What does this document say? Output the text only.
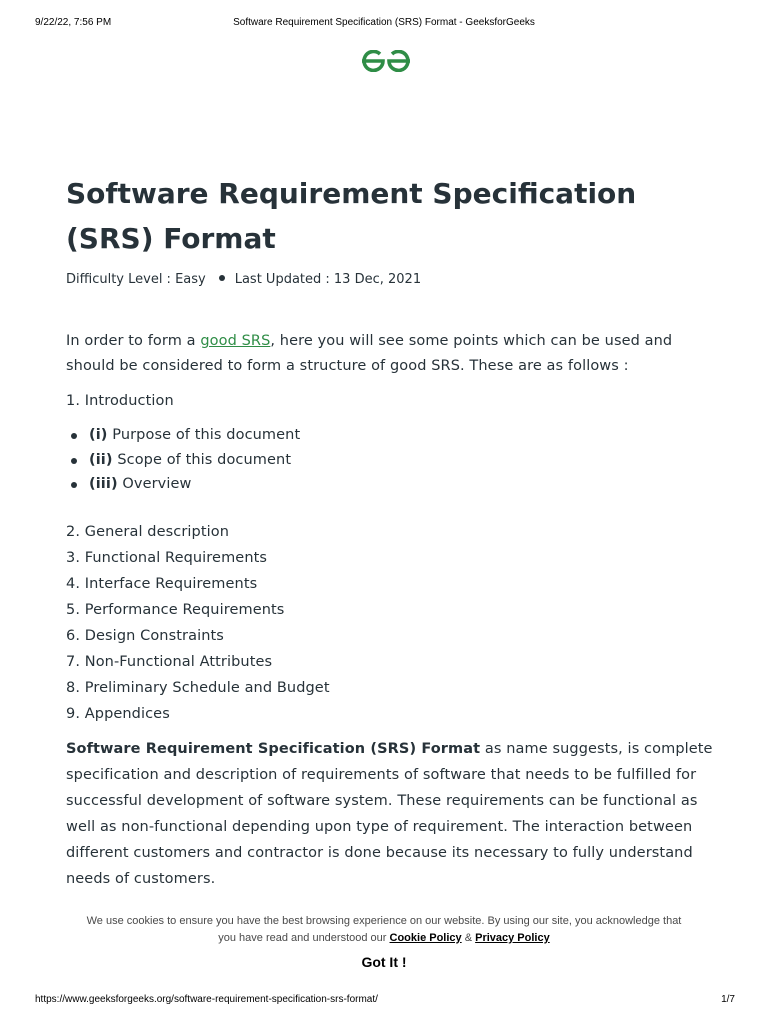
9/22/22, 7:56 PM	Software Requirement Specification (SRS) Format - GeeksforGeeks
Software Requirement Specification (SRS) Format
Difficulty Level : Easy Last Updated : 13 Dec, 2021

In order to form a good SRS, here you will see some points which can be used and should be considered to form a structure of good SRS. These are as follows :

1. Introduction
(i) Purpose of this document
(ii) Scope of this document
(iii) Overview
2. General description
3. Functional Requirements
4. Interface Requirements
5. Performance Requirements
6. Design Constraints
7. Non-Functional Attributes
8. Preliminary Schedule and Budget
9. Appendices

Software Requirement Specification (SRS) Format as name suggests, is complete specification and description of requirements of software that needs to be fulfilled for successful development of software system. These requirements can be functional as well as non-functional depending upon type of requirement. The interaction between different customers and contractor is done because its necessary to fully understand needs of customers.

We use cookies to ensure you have the best browsing experience on our website. By using our site, you acknowledge that
you have read and understood our Cookie Policy & Privacy Policy
Got It !
https://www.geeksforgeeks.org/software-requirement-specification-srs-format/	1/7
